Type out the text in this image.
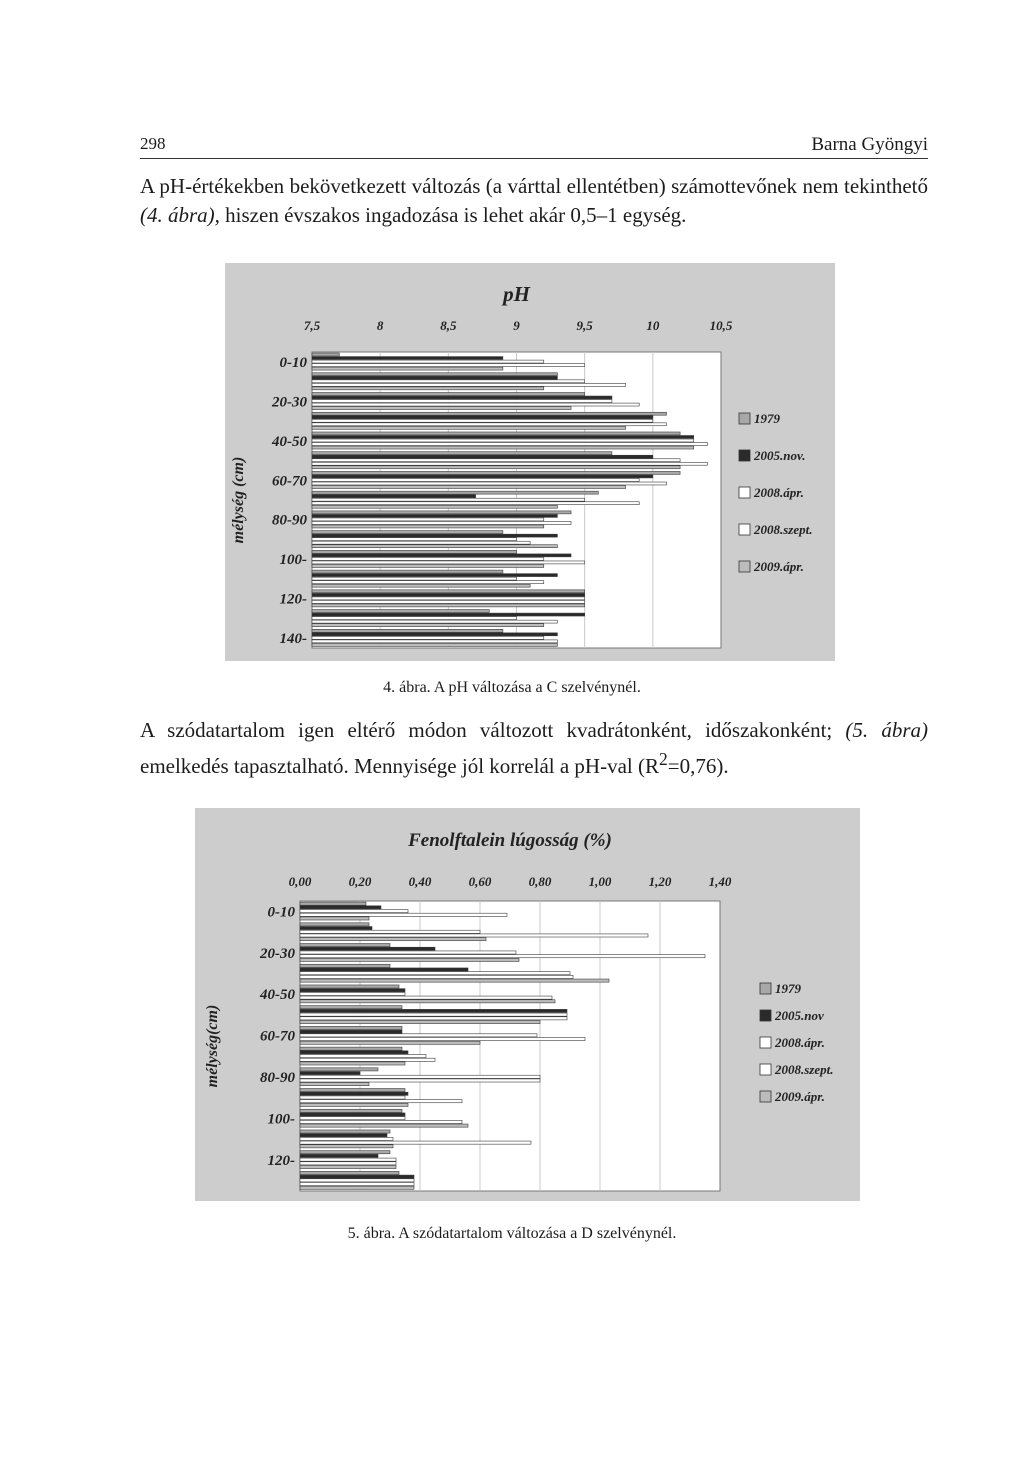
298	Barna Gyöngyi

A pH-értékekben bekövetkezett változás (a várttal ellentétben) számottevőnek nem tekinthető (4. ábra), hiszen évszakos ingadozása is lehet akár 0,5–1 egység.

7,5	8	8,5	9	9,5	10	10,5
pH
0-10
20-30
40-50
60-70
80-90
100-
120-
140-
mélység (cm)
1979
2005.nov.
2008.ápr.
2008.szept.
2009.ápr.
4. ábra. A pH változása a C szelvénynél.

A szódatartalom igen eltérő módon változott kvadrátonként, időszakonként; (5. ábra) emelkedés tapasztalható. Mennyisége jól korrelál a pH-val $(R^2=0,76)$.

0,00	0,20	0,40	0,60	0,80	1,00	1,20	1,40
Fenolftalein lúgosság (%)
0-10
20-30
40-50
60-70
80-90
100-
120-
mélység(cm)
1979
2005.nov
2008.ápr.
2008.szept.
2009.ápr.
5. ábra. A szódatartalom változása a D szelvénynél.
